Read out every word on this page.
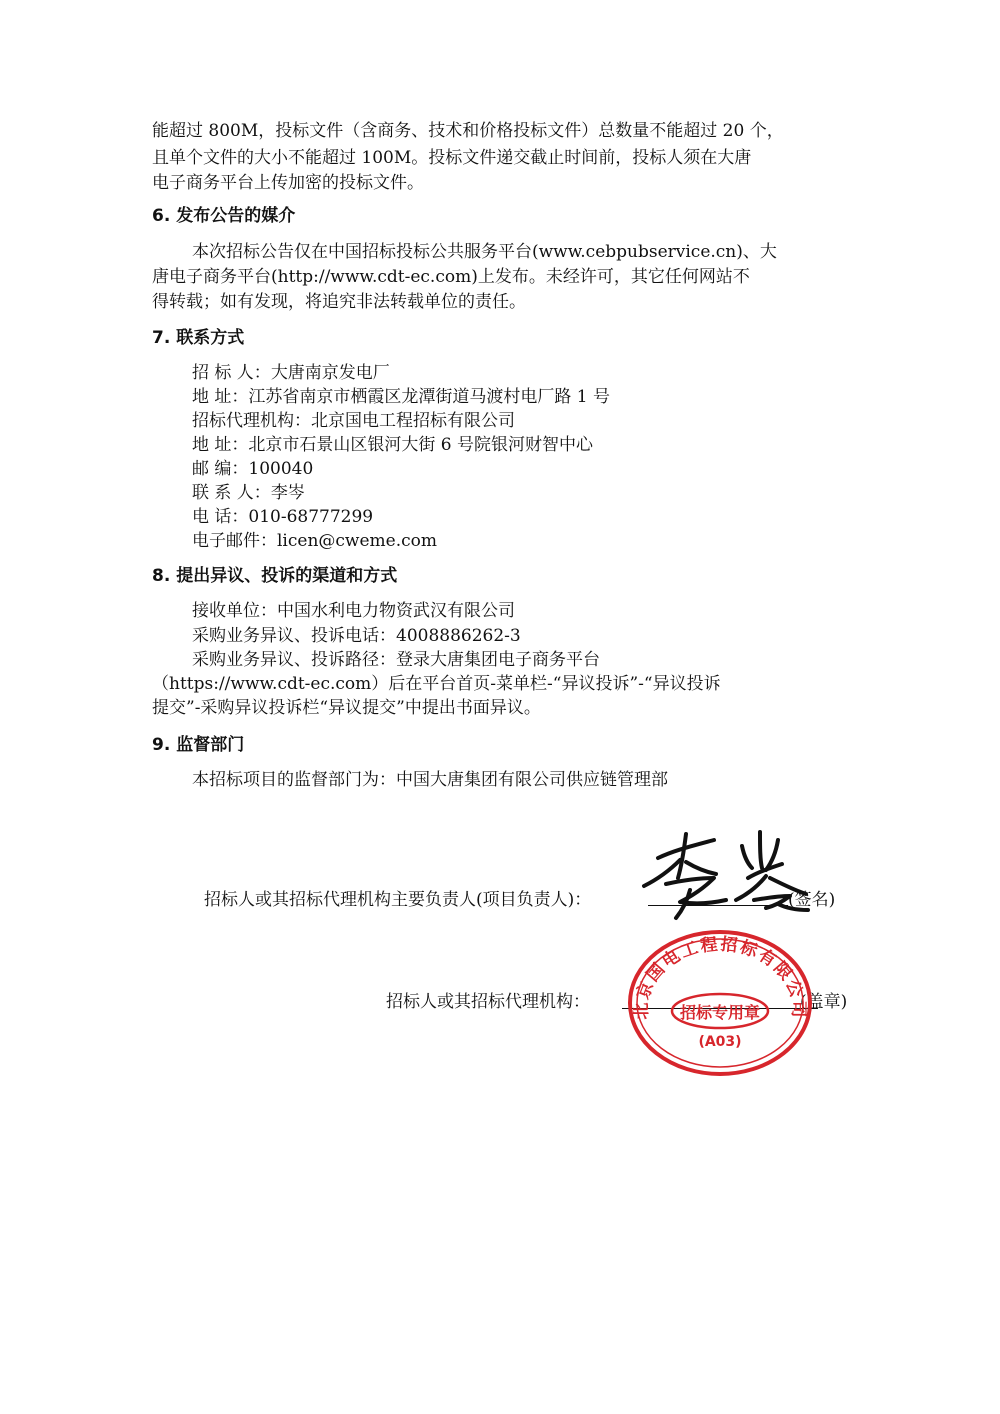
能超过 800M，投标文件（含商务、技术和价格投标文件）总数量不能超过 20 个，
且单个文件的大小不能超过 100M。投标文件递交截止时间前，投标人须在大唐
电子商务平台上传加密的投标文件。
6. 发布公告的媒介
本次招标公告仅在中国招标投标公共服务平台(www.cebpubservice.cn)、大
唐电子商务平台(http://www.cdt-ec.com)上发布。未经许可，其它任何网站不
得转载；如有发现，将追究非法转载单位的责任。
7. 联系方式
招 标 人：大唐南京发电厂
地 址：江苏省南京市栖霞区龙潭街道马渡村电厂路 1 号
招标代理机构：北京国电工程招标有限公司
地 址：北京市石景山区银河大街 6 号院银河财智中心
邮 编：100040
联 系 人：李岑
电 话：010-68777299
电子邮件：licen@cweme.com
8. 提出异议、投诉的渠道和方式
接收单位：中国水利电力物资武汉有限公司
采购业务异议、投诉电话：4008886262-3
采购业务异议、投诉路径：登录大唐集团电子商务平台
（https://www.cdt-ec.com）后在平台首页-菜单栏-“异议投诉”-“异议投诉
提交”-采购异议投诉栏“异议提交”中提出书面异议。
9. 监督部门
本招标项目的监督部门为：中国大唐集团有限公司供应链管理部
招标人或其招标代理机构主要负责人(项目负责人)：	(签名)
招标人或其招标代理机构：	(盖章)
北京国电工程招标有限公司
招标专用章
(A03)
